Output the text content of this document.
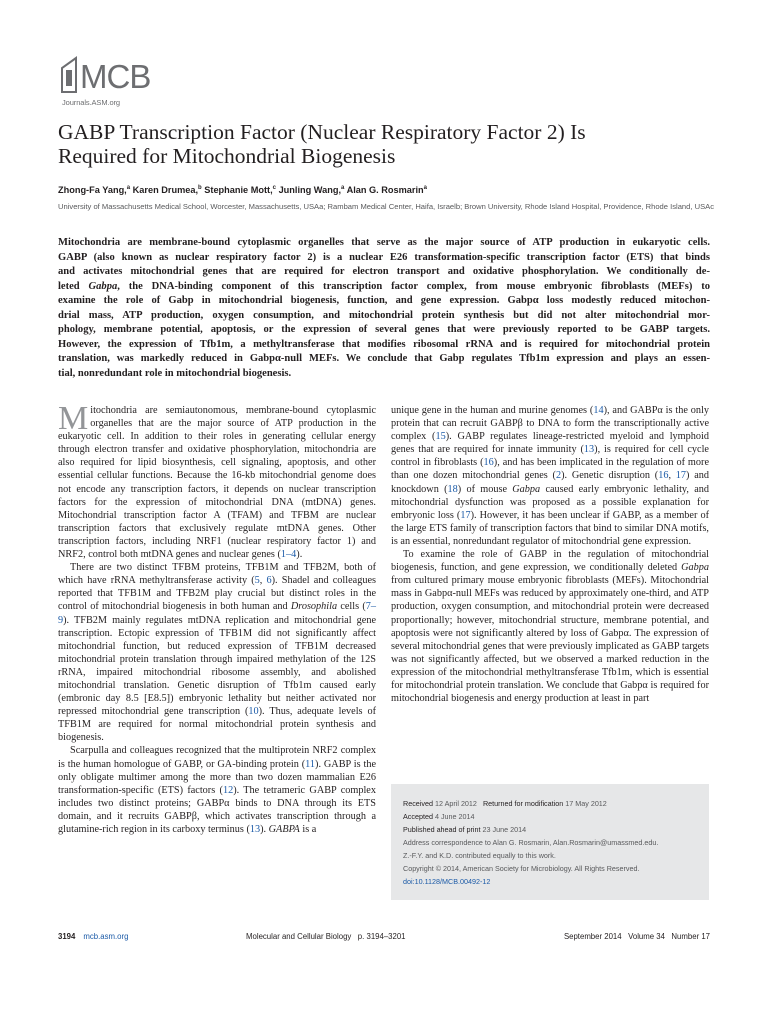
MCB
Journals.ASM.org
GABP Transcription Factor (Nuclear Respiratory Factor 2) Is
Required for Mitochondrial Biogenesis
Zhong-Fa Yang,$^a$ Karen Drumea,$^b$ Stephanie Mott,$^c$ Junling Wang,$^a$ Alan G. Rosmarin$^a$
University of Massachusetts Medical School, Worcester, Massachusetts, USAa; Rambam Medical Center, Haifa, Israelb; Brown University, Rhode Island Hospital, Providence, Rhode Island, USAc
Mitochondria are membrane-bound cytoplasmic organelles that serve as the major source of ATP production in eukaryotic cells.
GABP (also known as nuclear respiratory factor 2) is a nuclear E26 transformation-specific transcription factor (ETS) that binds
and activates mitochondrial genes that are required for electron transport and oxidative phosphorylation. We conditionally de-
leted Gabpa, the DNA-binding component of this transcription factor complex, from mouse embryonic fibroblasts (MEFs) to
examine the role of Gabp in mitochondrial biogenesis, function, and gene expression. Gabpα loss modestly reduced mitochon-
drial mass, ATP production, oxygen consumption, and mitochondrial protein synthesis but did not alter mitochondrial mor-
phology, membrane potential, apoptosis, or the expression of several genes that were previously reported to be GABP targets.
However, the expression of Tfb1m, a methyltransferase that modifies ribosomal rRNA and is required for mitochondrial protein
translation, was markedly reduced in Gabpα-null MEFs. We conclude that Gabp regulates Tfb1m expression and plays an essen-
tial, nonredundant role in mitochondrial biogenesis.

Mitochondria are semiautonomous, membrane-bound cytoplasmic organelles that are the major source of ATP production in the eukaryotic cell. In addition to their roles in generating cellular energy through electron transfer and oxidative phosphorylation, mitochondria are also required for lipid biosynthesis, cell signaling, apoptosis, and other essential cellular functions. Because the 16-kb mitochondrial genome does not encode any transcription factors, it depends on nuclear transcription factors for the expression of mitochondrial DNA (mtDNA) genes. Mitochondrial transcription factor A (TFAM) and TFBM are nuclear transcription factors that exclusively regulate mtDNA genes. Other transcription factors, including NRF1 (nuclear respiratory factor 1) and NRF2, control both mtDNA genes and nuclear genes (1–4).

There are two distinct TFBM proteins, TFB1M and TFB2M, both of which have rRNA methyltransferase activity (5, 6). Shadel and colleagues reported that TFB1M and TFB2M play crucial but distinct roles in the control of mitochondrial biogenesis in both human and Drosophila cells (7–9). TFB2M mainly regulates mtDNA replication and mitochondrial gene transcription. Ectopic expression of TFB1M did not significantly affect mitochondrial function, but reduced expression of TFB1M decreased mitochondrial protein translation through impaired methylation of the 12S rRNA, impaired mitochondrial ribosome assembly, and abolished mitochondrial translation. Genetic disruption of Tfb1m caused early (embronic day 8.5 [E8.5]) embryonic lethality but neither activated nor repressed mitochondrial gene transcription (10). Thus, adequate levels of TFB1M are required for normal mitochondrial protein synthesis and biogenesis.

Scarpulla and colleagues recognized that the multiprotein NRF2 complex is the human homologue of GABP, or GA-binding protein (11). GABP is the only obligate multimer among the more than two dozen mammalian E26 transformation-specific (ETS) factors (12). The tetrameric GABP complex includes two distinct proteins; GABPα binds to DNA through its ETS domain, and it recruits GABPβ, which activates transcription through a glutamine-rich region in its carboxy terminus (13). GABPA is a

unique gene in the human and murine genomes (14), and GABPα is the only protein that can recruit GABPβ to DNA to form the transcriptionally active complex (15). GABP regulates lineage-restricted myeloid and lymphoid genes that are required for innate immunity (13), is required for cell cycle control in fibroblasts (16), and has been implicated in the regulation of more than one dozen mitochondrial genes (2). Genetic disruption (16, 17) and knockdown (18) of mouse Gabpa caused early embryonic lethality, and mitochondrial dysfunction was proposed as a possible explanation for embryonic loss (17). However, it has been unclear if GABP, as a member of the large ETS family of transcription factors that bind to similar DNA motifs, is an essential, nonredundant regulator of mitochondrial gene expression.

To examine the role of GABP in the regulation of mitochondrial biogenesis, function, and gene expression, we conditionally deleted Gabpa from cultured primary mouse embryonic fibroblasts (MEFs). Mitochondrial mass in Gabpα-null MEFs was reduced by approximately one-third, and ATP production, oxygen consumption, and mitochondrial protein were decreased proportionally; however, mitochondrial structure, membrane potential, and apoptosis were not significantly altered by loss of Gabpα. The expression of several mitochondrial genes that were previously implicated as GABP targets was not significantly affected, but we observed a marked reduction in the expression of the mitochondrial methyltransferase Tfb1m, which is essential for mitochondrial protein translation. We conclude that Gabpα is required for mitochondrial biogenesis and energy production at least in part

Received 12 April 2012 Returned for modification 17 May 2012
Accepted 4 June 2014
Published ahead of print 23 June 2014
Address correspondence to Alan G. Rosmarin, Alan.Rosmarin@umassmed.edu.
Z.-F.Y. and K.D. contributed equally to this work.
Copyright © 2014, American Society for Microbiology. All Rights Reserved.
doi:10.1128/MCB.00492-12
3194 mcb.asm.org	Molecular and Cellular Biology   p. 3194–3201	September 2014   Volume 34   Number 17
